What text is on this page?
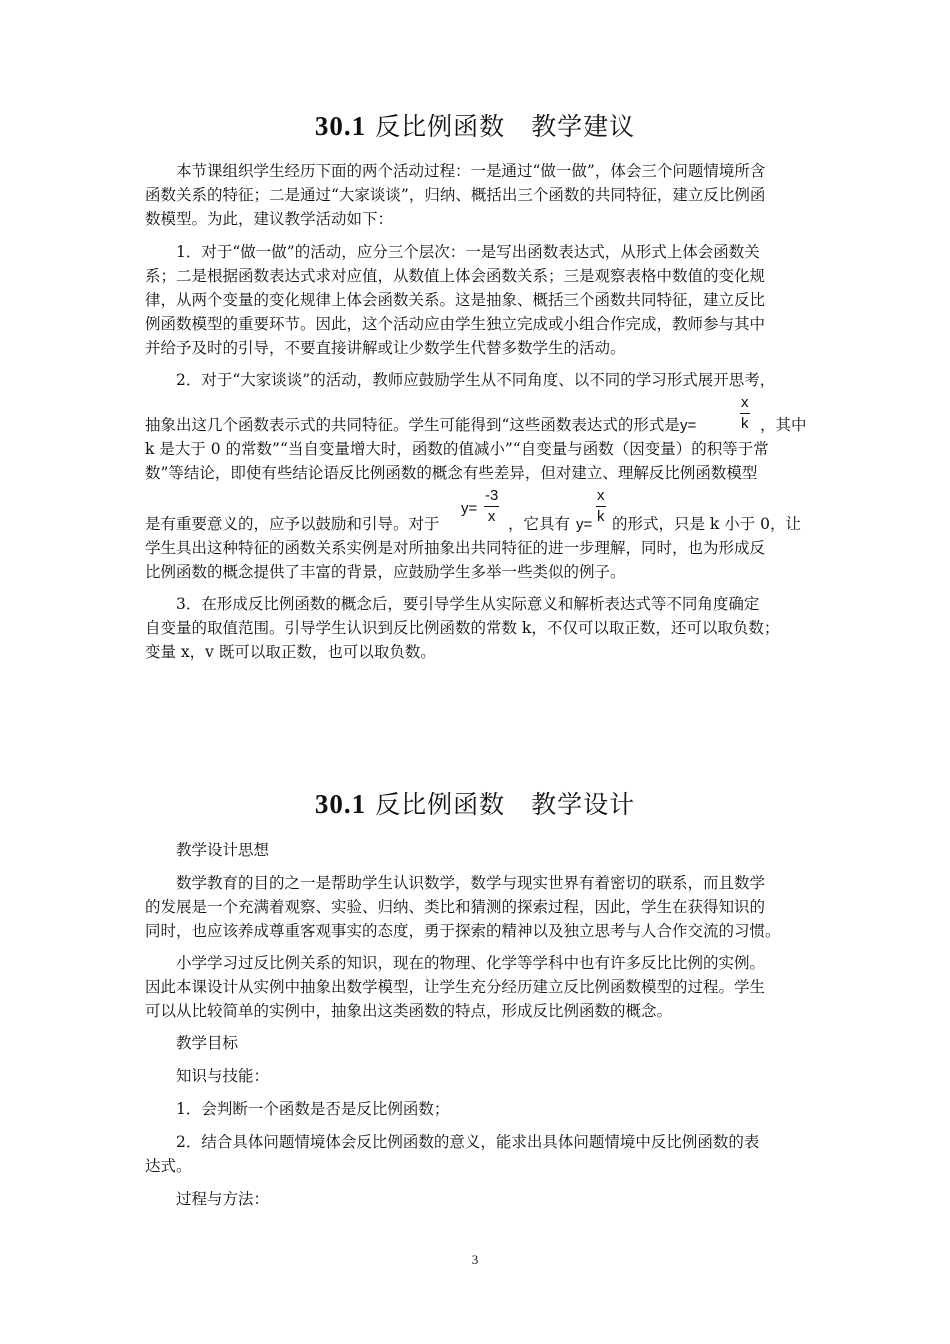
30.1 反比例函数　教学建议
本节课组织学生经历下面的两个活动过程：一是通过“做一做”，体会三个问题情境所含
函数关系的特征；二是通过“大家谈谈”，归纳、概括出三个函数的共同特征，建立反比例函
数模型。为此，建议教学活动如下：
1．对于“做一做”的活动，应分三个层次：一是写出函数表达式，从形式上体会函数关
系；二是根据函数表达式求对应值，从数值上体会函数关系；三是观察表格中数值的变化规
律，从两个变量的变化规律上体会函数关系。这是抽象、概括三个函数共同特征，建立反比
例函数模型的重要环节。因此，这个活动应由学生独立完成或小组合作完成，教师参与其中
并给予及时的引导，不要直接讲解或让少数学生代替多数学生的活动。
2．对于“大家谈谈”的活动，教师应鼓励学生从不同角度、以不同的学习形式展开思考，
抽象出这几个函数表示式的共同特征。学生可能得到“这些函数表达式的形式是y=
x
k ，其中
k 是大于 0 的常数”“当自变量增大时，函数的值减小”“自变量与函数（因变量）的积等于常
数”等结论，即使有些结论语反比例函数的概念有些差异，但对建立、理解反比例函数模型
是有重要意义的，应予以鼓励和引导。对于
y=
-3
x ，它具有 y=
x
k 的形式，只是 k 小于 0，让
学生具出这种特征的函数关系实例是对所抽象出共同特征的进一步理解，同时，也为形成反
比例函数的概念提供了丰富的背景，应鼓励学生多举一些类似的例子。
3．在形成反比例函数的概念后，要引导学生从实际意义和解析表达式等不同角度确定
自变量的取值范围。引导学生认识到反比例函数的常数 k，不仅可以取正数，还可以取负数；
变量 x，v 既可以取正数，也可以取负数。
30.1 反比例函数　教学设计
教学设计思想
数学教育的目的之一是帮助学生认识数学，数学与现实世界有着密切的联系，而且数学
的发展是一个充满着观察、实验、归纳、类比和猜测的探索过程，因此，学生在获得知识的
同时，也应该养成尊重客观事实的态度，勇于探索的精神以及独立思考与人合作交流的习惯。
小学学习过反比例关系的知识，现在的物理、化学等学科中也有许多反比比例的实例。
因此本课设计从实例中抽象出数学模型，让学生充分经历建立反比例函数模型的过程。学生
可以从比较简单的实例中，抽象出这类函数的特点，形成反比例函数的概念。
教学目标
知识与技能：
1．会判断一个函数是否是反比例函数；
2．结合具体问题情境体会反比例函数的意义，能求出具体问题情境中反比例函数的表
达式。
过程与方法：
3
